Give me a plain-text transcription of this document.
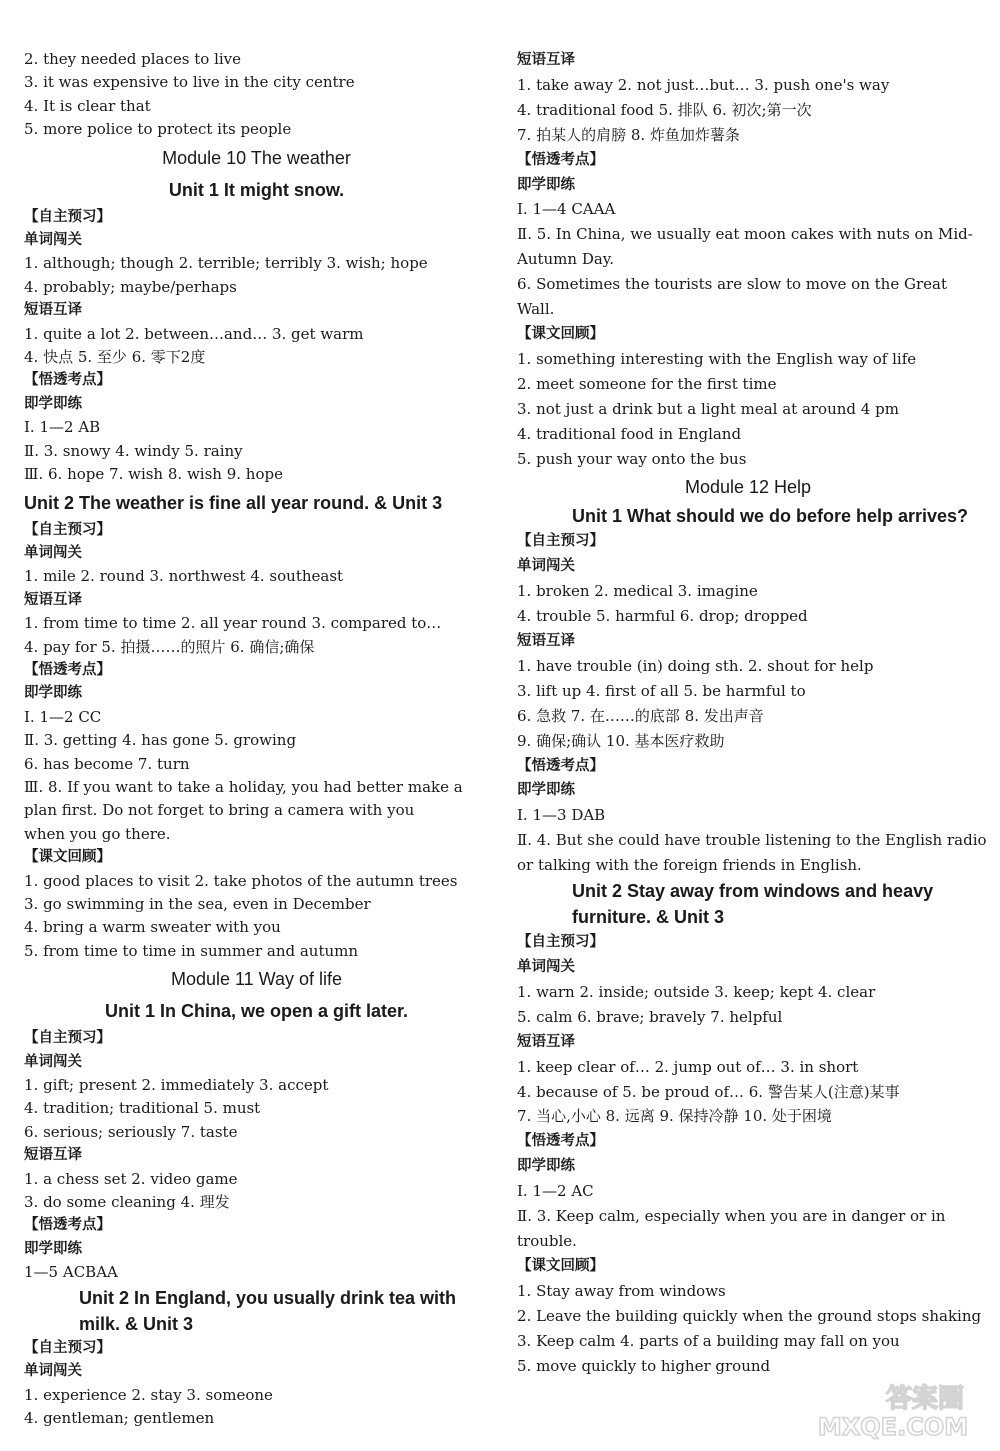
2. they needed places to live
3. it was expensive to live in the city centre
4. It is clear that
5. more police to protect its people
Module 10 The weather
Unit 1 It might snow.
【自主预习】
单词闯关
1. although; though 2. terrible; terribly 3. wish; hope
4. probably; maybe/perhaps
短语互译
1. quite a lot 2. between…and… 3. get warm
4. 快点 5. 至少 6. 零下2度
【悟透考点】
即学即练
Ⅰ. 1—2 AB
Ⅱ. 3. snowy 4. windy 5. rainy
Ⅲ. 6. hope 7. wish 8. wish 9. hope
Unit 2 The weather is fine all year round. & Unit 3
【自主预习】
单词闯关
1. mile 2. round 3. northwest 4. southeast
短语互译
1. from time to time 2. all year round 3. compared to…
4. pay for 5. 拍摄……的照片 6. 确信;确保
【悟透考点】
即学即练
Ⅰ. 1—2 CC
Ⅱ. 3. getting 4. has gone 5. growing
6. has become 7. turn
Ⅲ. 8. If you want to take a holiday, you had better make a
plan first. Do not forget to bring a camera with you
when you go there.
【课文回顾】
1. good places to visit 2. take photos of the autumn trees
3. go swimming in the sea, even in December
4. bring a warm sweater with you
5. from time to time in summer and autumn
Module 11 Way of life
Unit 1 In China, we open a gift later.
【自主预习】
单词闯关
1. gift; present 2. immediately 3. accept
4. tradition; traditional 5. must
6. serious; seriously 7. taste
短语互译
1. a chess set 2. video game
3. do some cleaning 4. 理发
【悟透考点】
即学即练
1—5 ACBAA
Unit 2 In England, you usually drink tea with milk. & Unit 3
【自主预习】
单词闯关
1. experience 2. stay 3. someone
4. gentleman; gentlemen
短语互译
1. take away 2. not just…but… 3. push one's way
4. traditional food 5. 排队 6. 初次;第一次
7. 拍某人的肩膀 8. 炸鱼加炸薯条
【悟透考点】
即学即练
Ⅰ. 1—4 CAAA
Ⅱ. 5. In China, we usually eat moon cakes with nuts on Mid-
Autumn Day.
6. Sometimes the tourists are slow to move on the Great
Wall.
【课文回顾】
1. something interesting with the English way of life
2. meet someone for the first time
3. not just a drink but a light meal at around 4 pm
4. traditional food in England
5. push your way onto the bus
Module 12 Help
Unit 1 What should we do before help arrives?
【自主预习】
单词闯关
1. broken 2. medical 3. imagine
4. trouble 5. harmful 6. drop; dropped
短语互译
1. have trouble (in) doing sth. 2. shout for help
3. lift up 4. first of all 5. be harmful to
6. 急救 7. 在……的底部 8. 发出声音
9. 确保;确认 10. 基本医疗救助
【悟透考点】
即学即练
Ⅰ. 1—3 DAB
Ⅱ. 4. But she could have trouble listening to the English radio
or talking with the foreign friends in English.
Unit 2 Stay away from windows and heavy furniture. & Unit 3
【自主预习】
单词闯关
1. warn 2. inside; outside 3. keep; kept 4. clear
5. calm 6. brave; bravely 7. helpful
短语互译
1. keep clear of… 2. jump out of… 3. in short
4. because of 5. be proud of… 6. 警告某人(注意)某事
7. 当心,小心 8. 远离 9. 保持冷静 10. 处于困境
【悟透考点】
即学即练
Ⅰ. 1—2 AC
Ⅱ. 3. Keep calm, especially when you are in danger or in
trouble.
【课文回顾】
1. Stay away from windows
2. Leave the building quickly when the ground stops shaking
3. Keep calm 4. parts of a building may fall on you
5. move quickly to higher ground
答案圈
MXQE.COM
